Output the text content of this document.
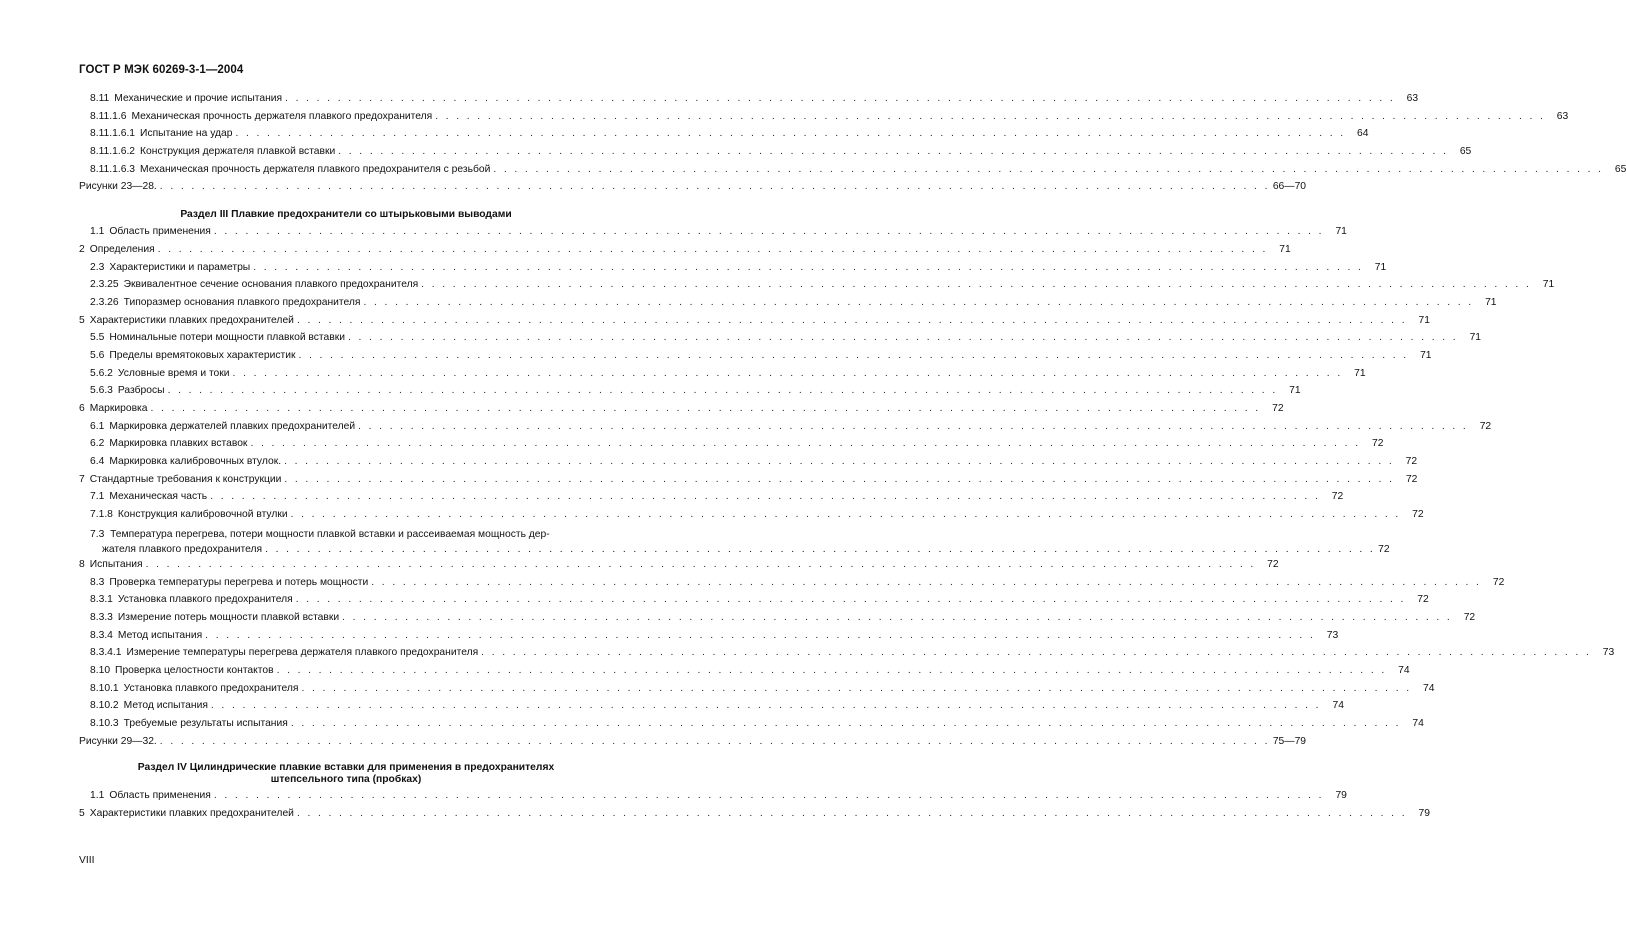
ГОСТ Р МЭК 60269-3-1—2004
8.11 Механические и прочие испытания . . . . . . . . . . . . . . . . . . . . . . . . . . . . . . . . . . . . . . . . . . . . . . . . . . . . . . . . . . . . . . . . . . . . . . . . . . . . . . . . . . . . . . . . . . . . . . . . . . . . . . . . . .	63
8.11.1.6 Механическая прочность держателя плавкого предохранителя . . . . . . . . . . . . . . . . . . . . . . . . . . . . . . . . . . . . . . . . . . . . . . . . . . . . . . . . . . . . . . . . . . . . . . . . . . . . . . . . . . . . . . . . . . . . . . . . . . . . . . . . . .	63
8.11.1.6.1 Испытание на удар . . . . . . . . . . . . . . . . . . . . . . . . . . . . . . . . . . . . . . . . . . . . . . . . . . . . . . . . . . . . . . . . . . . . . . . . . . . . . . . . . . . . . . . . . . . . . . . . . . . . . . . . . .	64
8.11.1.6.2 Конструкция держателя плавкой вставки . . . . . . . . . . . . . . . . . . . . . . . . . . . . . . . . . . . . . . . . . . . . . . . . . . . . . . . . . . . . . . . . . . . . . . . . . . . . . . . . . . . . . . . . . . . . . . . . . . . . . . . . . .	65
8.11.1.6.3 Механическая прочность держателя плавкого предохранителя с резьбой . . . . . . . . . . . . . . . . . . . . . . . . . . . . . . . . . . . . . . . . . . . . . . . . . . . . . . . . . . . . . . . . . . . . . . . . . . . . . . . . . . . . . . . . . . . . . . . . . . . . . . . . . .	65
Рисунки 23—28. . . . . . . . . . . . . . . . . . . . . . . . . . . . . . . . . . . . . . . . . . . . . . . . . . . . . . . . . . . . . . . . . . . . . . . . . . . . . . . . . . . . . . . . . . . . . . . . . . . . . . . . . . . 66—70
Раздел III Плавкие предохранители со штырьковыми выводами
1.1 Область применения . . . . . . . . . . . . . . . . . . . . . . . . . . . . . . . . . . . . . . . . . . . . . . . . . . . . . . . . . . . . . . . . . . . . . . . . . . . . . . . . . . . . . . . . . . . . . . . . . . . . . . . . . .	71
2 Определения . . . . . . . . . . . . . . . . . . . . . . . . . . . . . . . . . . . . . . . . . . . . . . . . . . . . . . . . . . . . . . . . . . . . . . . . . . . . . . . . . . . . . . . . . . . . . . . . . . . . . . . . . .	71
2.3 Характеристики и параметры . . . . . . . . . . . . . . . . . . . . . . . . . . . . . . . . . . . . . . . . . . . . . . . . . . . . . . . . . . . . . . . . . . . . . . . . . . . . . . . . . . . . . . . . . . . . . . . . . . . . . . . . . .	71
2.3.25 Эквивалентное сечение основания плавкого предохранителя . . . . . . . . . . . . . . . . . . . . . . . . . . . . . . . . . . . . . . . . . . . . . . . . . . . . . . . . . . . . . . . . . . . . . . . . . . . . . . . . . . . . . . . . . . . . . . . . . . . . . . . . . .	71
2.3.26 Типоразмер основания плавкого предохранителя . . . . . . . . . . . . . . . . . . . . . . . . . . . . . . . . . . . . . . . . . . . . . . . . . . . . . . . . . . . . . . . . . . . . . . . . . . . . . . . . . . . . . . . . . . . . . . . . . . . . . . . . . .	71
5 Характеристики плавких предохранителей . . . . . . . . . . . . . . . . . . . . . . . . . . . . . . . . . . . . . . . . . . . . . . . . . . . . . . . . . . . . . . . . . . . . . . . . . . . . . . . . . . . . . . . . . . . . . . . . . . . . . . . . . .	71
5.5 Номинальные потери мощности плавкой вставки . . . . . . . . . . . . . . . . . . . . . . . . . . . . . . . . . . . . . . . . . . . . . . . . . . . . . . . . . . . . . . . . . . . . . . . . . . . . . . . . . . . . . . . . . . . . . . . . . . . . . . . . . .	71
5.6 Пределы времятоковых характеристик . . . . . . . . . . . . . . . . . . . . . . . . . . . . . . . . . . . . . . . . . . . . . . . . . . . . . . . . . . . . . . . . . . . . . . . . . . . . . . . . . . . . . . . . . . . . . . . . . . . . . . . . . .	71
5.6.2 Условные время и токи . . . . . . . . . . . . . . . . . . . . . . . . . . . . . . . . . . . . . . . . . . . . . . . . . . . . . . . . . . . . . . . . . . . . . . . . . . . . . . . . . . . . . . . . . . . . . . . . . . . . . . . . . .	71
5.6.3 Разбросы . . . . . . . . . . . . . . . . . . . . . . . . . . . . . . . . . . . . . . . . . . . . . . . . . . . . . . . . . . . . . . . . . . . . . . . . . . . . . . . . . . . . . . . . . . . . . . . . . . . . . . . . . .	71
6 Маркировка . . . . . . . . . . . . . . . . . . . . . . . . . . . . . . . . . . . . . . . . . . . . . . . . . . . . . . . . . . . . . . . . . . . . . . . . . . . . . . . . . . . . . . . . . . . . . . . . . . . . . . . . . .	72
6.1 Маркировка держателей плавких предохранителей . . . . . . . . . . . . . . . . . . . . . . . . . . . . . . . . . . . . . . . . . . . . . . . . . . . . . . . . . . . . . . . . . . . . . . . . . . . . . . . . . . . . . . . . . . . . . . . . . . . . . . . . . .	72
6.2 Маркировка плавких вставок . . . . . . . . . . . . . . . . . . . . . . . . . . . . . . . . . . . . . . . . . . . . . . . . . . . . . . . . . . . . . . . . . . . . . . . . . . . . . . . . . . . . . . . . . . . . . . . . . . . . . . . . . .	72
6.4 Маркировка калибровочных втулок. . . . . . . . . . . . . . . . . . . . . . . . . . . . . . . . . . . . . . . . . . . . . . . . . . . . . . . . . . . . . . . . . . . . . . . . . . . . . . . . . . . . . . . . . . . . . . . . . . . . . . . . . . .	72
7 Стандартные требования к конструкции . . . . . . . . . . . . . . . . . . . . . . . . . . . . . . . . . . . . . . . . . . . . . . . . . . . . . . . . . . . . . . . . . . . . . . . . . . . . . . . . . . . . . . . . . . . . . . . . . . . . . . . . . .	72
7.1 Механическая часть . . . . . . . . . . . . . . . . . . . . . . . . . . . . . . . . . . . . . . . . . . . . . . . . . . . . . . . . . . . . . . . . . . . . . . . . . . . . . . . . . . . . . . . . . . . . . . . . . . . . . . . . . .	72
7.1.8 Конструкция калибровочной втулки . . . . . . . . . . . . . . . . . . . . . . . . . . . . . . . . . . . . . . . . . . . . . . . . . . . . . . . . . . . . . . . . . . . . . . . . . . . . . . . . . . . . . . . . . . . . . . . . . . . . . . . . . .	72
7.3 Температура перегрева, потери мощности плавкой вставки и рассеиваемая мощность дер-
жателя плавкого предохранителя . . . . . . . . . . . . . . . . . . . . . . . . . . . . . . . . . . . . . . . . . . . . . . . . . . . . . . . . . . . . . . . . . . . . . . . . . . . . . . . . . . . . . . . . . . . . . . . . . . . . . . . . . . 72
8 Испытания . . . . . . . . . . . . . . . . . . . . . . . . . . . . . . . . . . . . . . . . . . . . . . . . . . . . . . . . . . . . . . . . . . . . . . . . . . . . . . . . . . . . . . . . . . . . . . . . . . . . . . . . . .	72
8.3 Проверка температуры перегрева и потерь мощности . . . . . . . . . . . . . . . . . . . . . . . . . . . . . . . . . . . . . . . . . . . . . . . . . . . . . . . . . . . . . . . . . . . . . . . . . . . . . . . . . . . . . . . . . . . . . . . . . . . . . . . . . .	72
8.3.1 Установка плавкого предохранителя . . . . . . . . . . . . . . . . . . . . . . . . . . . . . . . . . . . . . . . . . . . . . . . . . . . . . . . . . . . . . . . . . . . . . . . . . . . . . . . . . . . . . . . . . . . . . . . . . . . . . . . . . .	72
8.3.3 Измерение потерь мощности плавкой вставки . . . . . . . . . . . . . . . . . . . . . . . . . . . . . . . . . . . . . . . . . . . . . . . . . . . . . . . . . . . . . . . . . . . . . . . . . . . . . . . . . . . . . . . . . . . . . . . . . . . . . . . . . .	72
8.3.4 Метод испытания . . . . . . . . . . . . . . . . . . . . . . . . . . . . . . . . . . . . . . . . . . . . . . . . . . . . . . . . . . . . . . . . . . . . . . . . . . . . . . . . . . . . . . . . . . . . . . . . . . . . . . . . . .	73
8.3.4.1 Измерение температуры перегрева держателя плавкого предохранителя . . . . . . . . . . . . . . . . . . . . . . . . . . . . . . . . . . . . . . . . . . . . . . . . . . . . . . . . . . . . . . . . . . . . . . . . . . . . . . . . . . . . . . . . . . . . . . . . . . . . . . . . . .	73
8.10 Проверка целостности контактов . . . . . . . . . . . . . . . . . . . . . . . . . . . . . . . . . . . . . . . . . . . . . . . . . . . . . . . . . . . . . . . . . . . . . . . . . . . . . . . . . . . . . . . . . . . . . . . . . . . . . . . . . .	74
8.10.1 Установка плавкого предохранителя . . . . . . . . . . . . . . . . . . . . . . . . . . . . . . . . . . . . . . . . . . . . . . . . . . . . . . . . . . . . . . . . . . . . . . . . . . . . . . . . . . . . . . . . . . . . . . . . . . . . . . . . . .	74
8.10.2 Метод испытания . . . . . . . . . . . . . . . . . . . . . . . . . . . . . . . . . . . . . . . . . . . . . . . . . . . . . . . . . . . . . . . . . . . . . . . . . . . . . . . . . . . . . . . . . . . . . . . . . . . . . . . . . .	74
8.10.3 Требуемые результаты испытания . . . . . . . . . . . . . . . . . . . . . . . . . . . . . . . . . . . . . . . . . . . . . . . . . . . . . . . . . . . . . . . . . . . . . . . . . . . . . . . . . . . . . . . . . . . . . . . . . . . . . . . . . .	74
Рисунки 29—32. . . . . . . . . . . . . . . . . . . . . . . . . . . . . . . . . . . . . . . . . . . . . . . . . . . . . . . . . . . . . . . . . . . . . . . . . . . . . . . . . . . . . . . . . . . . . . . . . . . . . . . . . . . 75—79
Раздел IV Цилиндрические плавкие вставки для применения в предохранителях
штепсельного типа (пробках)
1.1 Область применения . . . . . . . . . . . . . . . . . . . . . . . . . . . . . . . . . . . . . . . . . . . . . . . . . . . . . . . . . . . . . . . . . . . . . . . . . . . . . . . . . . . . . . . . . . . . . . . . . . . . . . . . . .	79
5 Характеристики плавких предохранителей . . . . . . . . . . . . . . . . . . . . . . . . . . . . . . . . . . . . . . . . . . . . . . . . . . . . . . . . . . . . . . . . . . . . . . . . . . . . . . . . . . . . . . . . . . . . . . . . . . . . . . . . . .	79
VIII
